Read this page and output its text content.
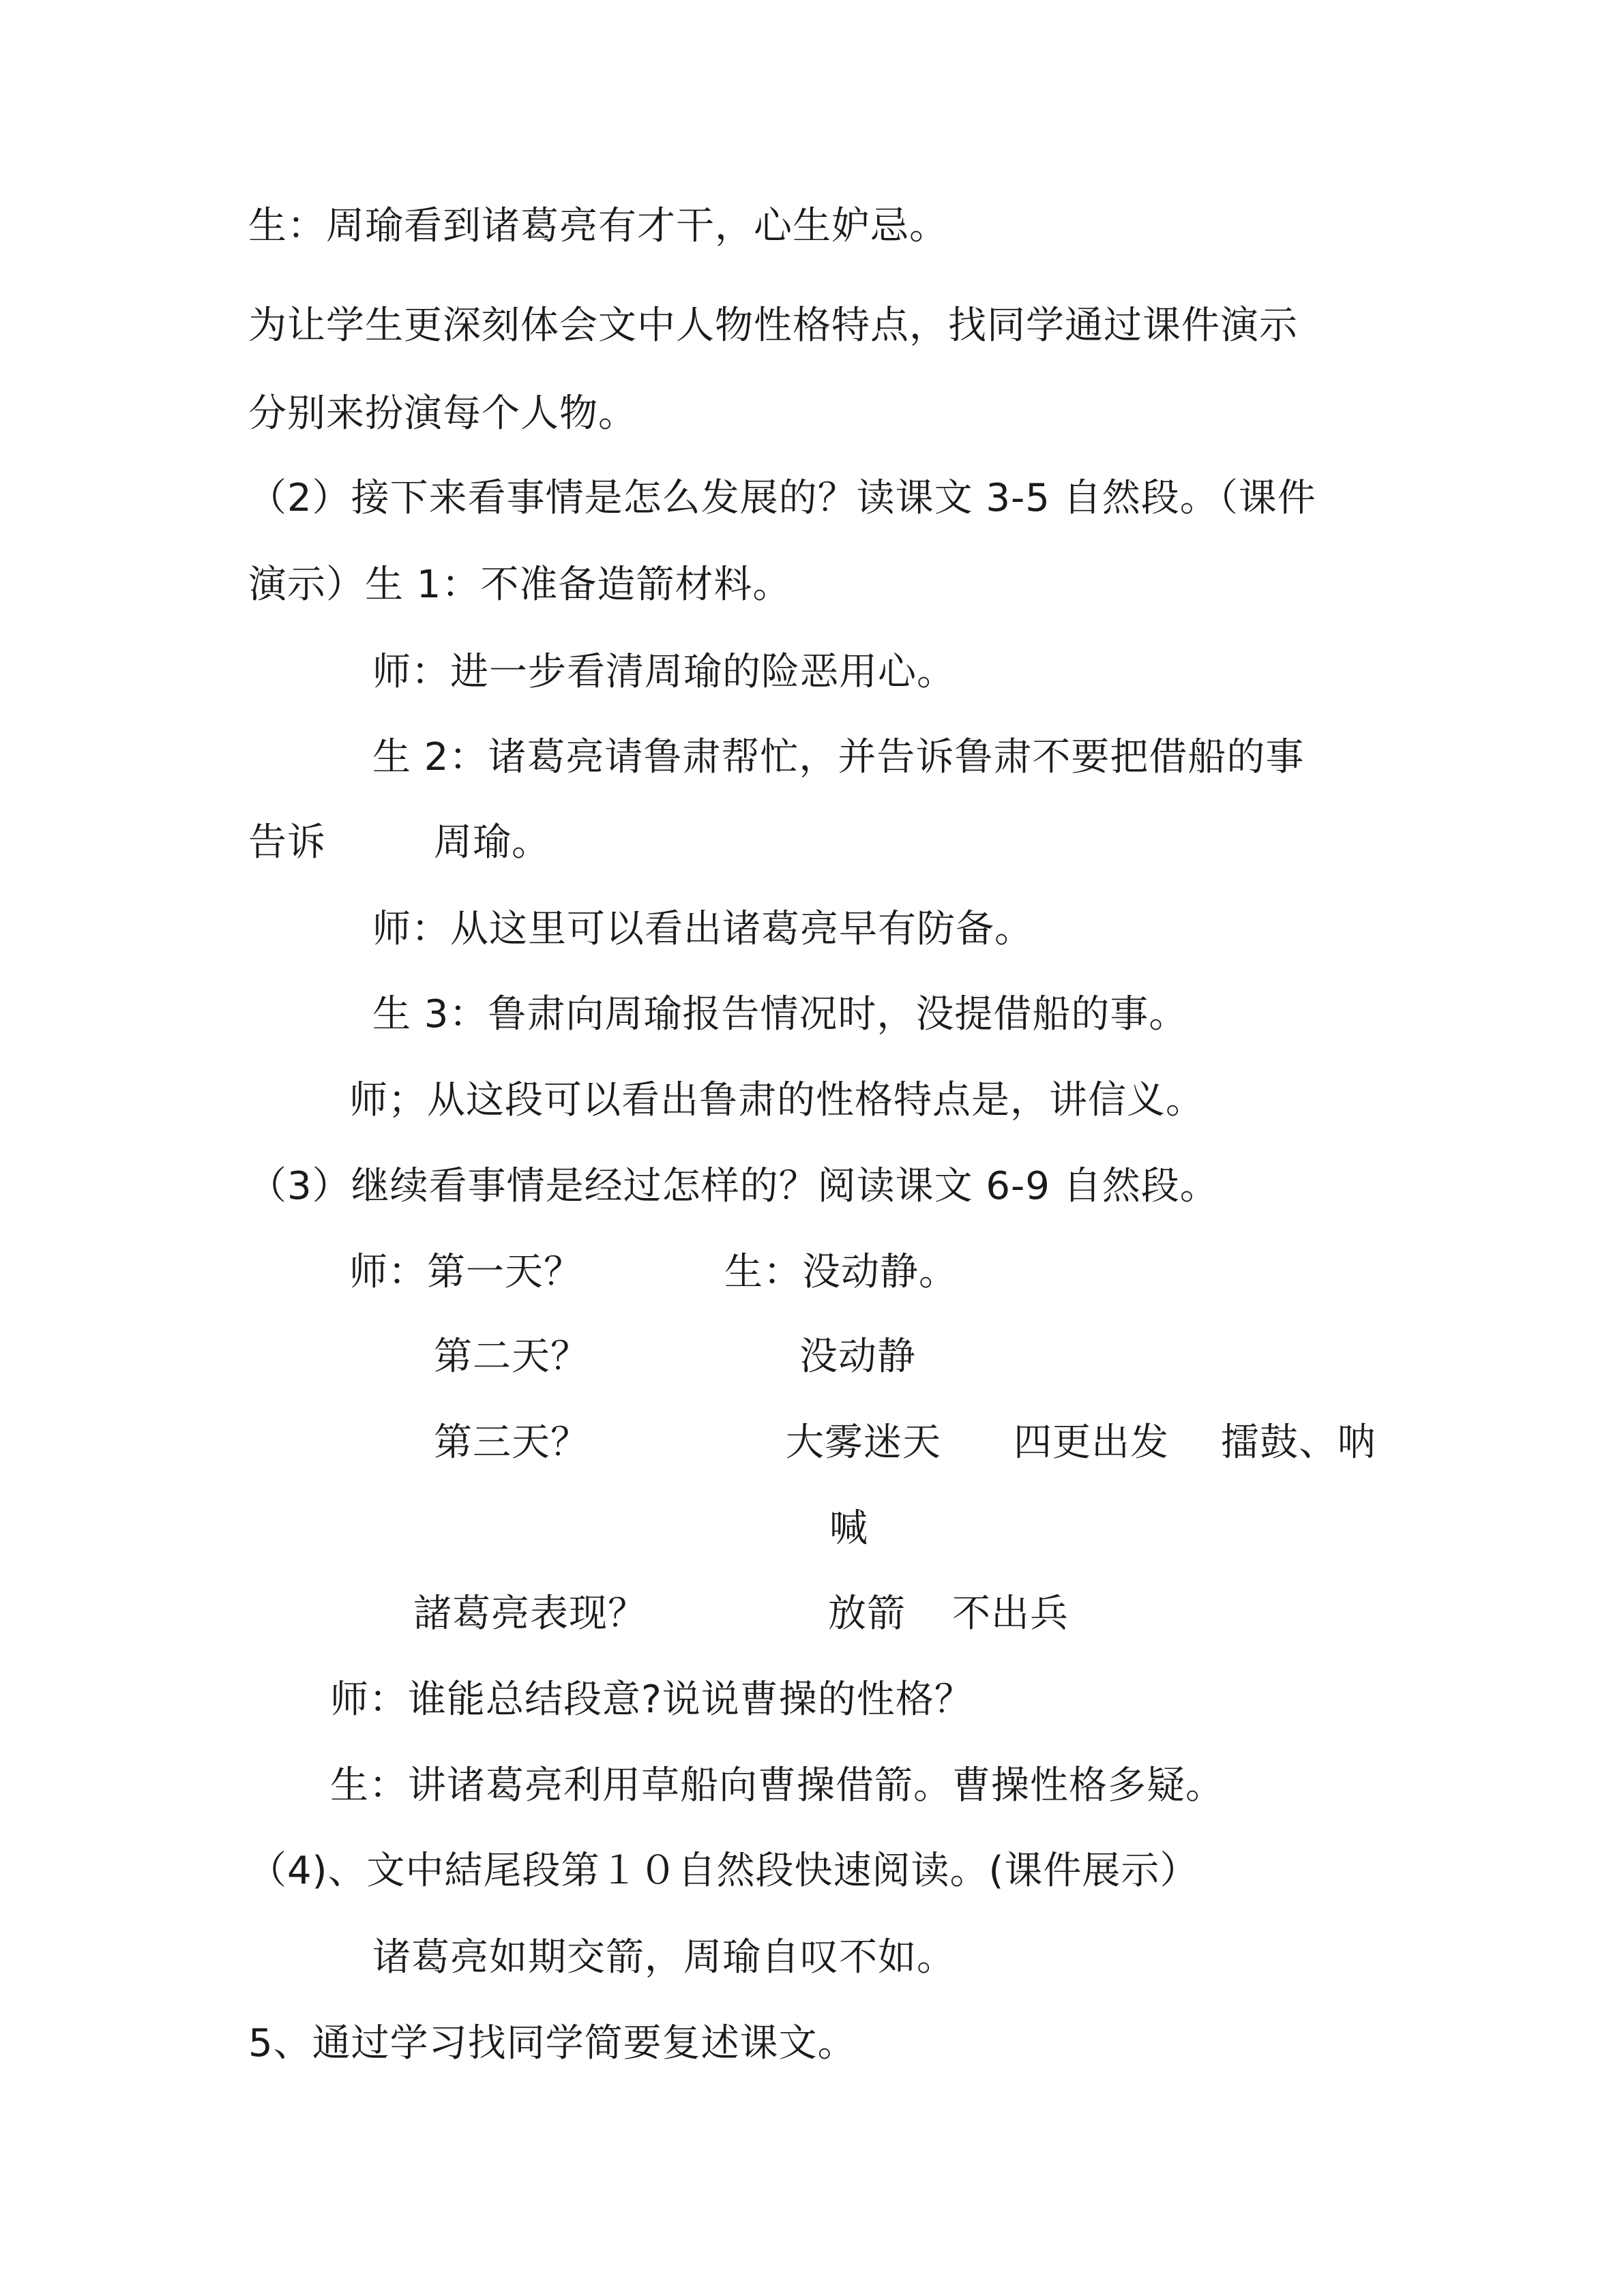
生：周瑜看到诸葛亮有才干，心生妒忌。
为让学生更深刻体会文中人物性格特点，找同学通过课件演示
分别来扮演每个人物。
（2）接下来看事情是怎么发展的？读课文 3-5 自然段。（课件
演示）生 1：不准备造箭材料。
师：进一步看清周瑜的险恶用心。
生 2：诸葛亮请鲁肃帮忙，并告诉鲁肃不要把借船的事
告诉	周瑜。
师：从这里可以看出诸葛亮早有防备。
生 3：鲁肃向周瑜报告情况时，没提借船的事。
师；从这段可以看出鲁肃的性格特点是，讲信义。
（3）继续看事情是经过怎样的？阅读课文 6-9 自然段。
师：第一天？	生：没动静。
第二天？	没动静
第三天？	大雾迷天 四更出发 擂鼓、呐
喊
諸葛亮表现？	放箭 不出兵
师：谁能总结段意?说说曹操的性格？
生：讲诸葛亮利用草船向曹操借箭。曹操性格多疑。
（4)、文中結尾段第１０自然段快速阅读。(课件展示）
诸葛亮如期交箭，周瑜自叹不如。
5、通过学习找同学简要复述课文。
